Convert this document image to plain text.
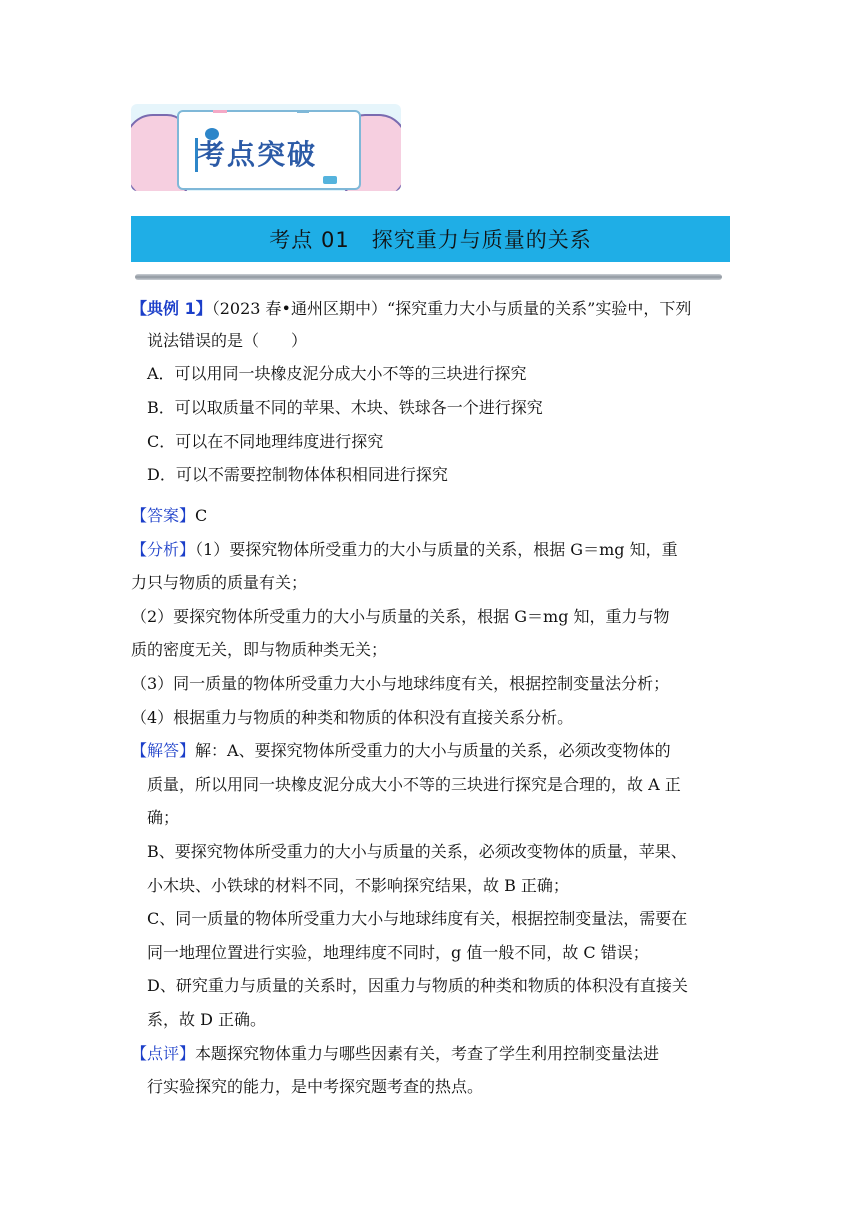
考点突破
考点 01　探究重力与质量的关系
【典例 1】（2023 春•通州区期中）“探究重力大小与质量的关系”实验中，下列
说法错误的是（　　）
A．可以用同一块橡皮泥分成大小不等的三块进行探究
B．可以取质量不同的苹果、木块、铁球各一个进行探究
C．可以在不同地理纬度进行探究
D．可以不需要控制物体体积相同进行探究
【答案】C
【分析】（1）要探究物体所受重力的大小与质量的关系，根据 G＝mg 知，重
力只与物质的质量有关；
（2）要探究物体所受重力的大小与质量的关系，根据 G＝mg 知，重力与物
质的密度无关，即与物质种类无关；
（3）同一质量的物体所受重力大小与地球纬度有关，根据控制变量法分析；
（4）根据重力与物质的种类和物质的体积没有直接关系分析。
【解答】解：A、要探究物体所受重力的大小与质量的关系，必须改变物体的
质量，所以用同一块橡皮泥分成大小不等的三块进行探究是合理的，故 A 正
确；
B、要探究物体所受重力的大小与质量的关系，必须改变物体的质量，苹果、
小木块、小铁球的材料不同，不影响探究结果，故 B 正确；
C、同一质量的物体所受重力大小与地球纬度有关，根据控制变量法，需要在
同一地理位置进行实验，地理纬度不同时，g 值一般不同，故 C 错误；
D、研究重力与质量的关系时，因重力与物质的种类和物质的体积没有直接关
系，故 D 正确。
【点评】本题探究物体重力与哪些因素有关，考查了学生利用控制变量法进
行实验探究的能力，是中考探究题考查的热点。
